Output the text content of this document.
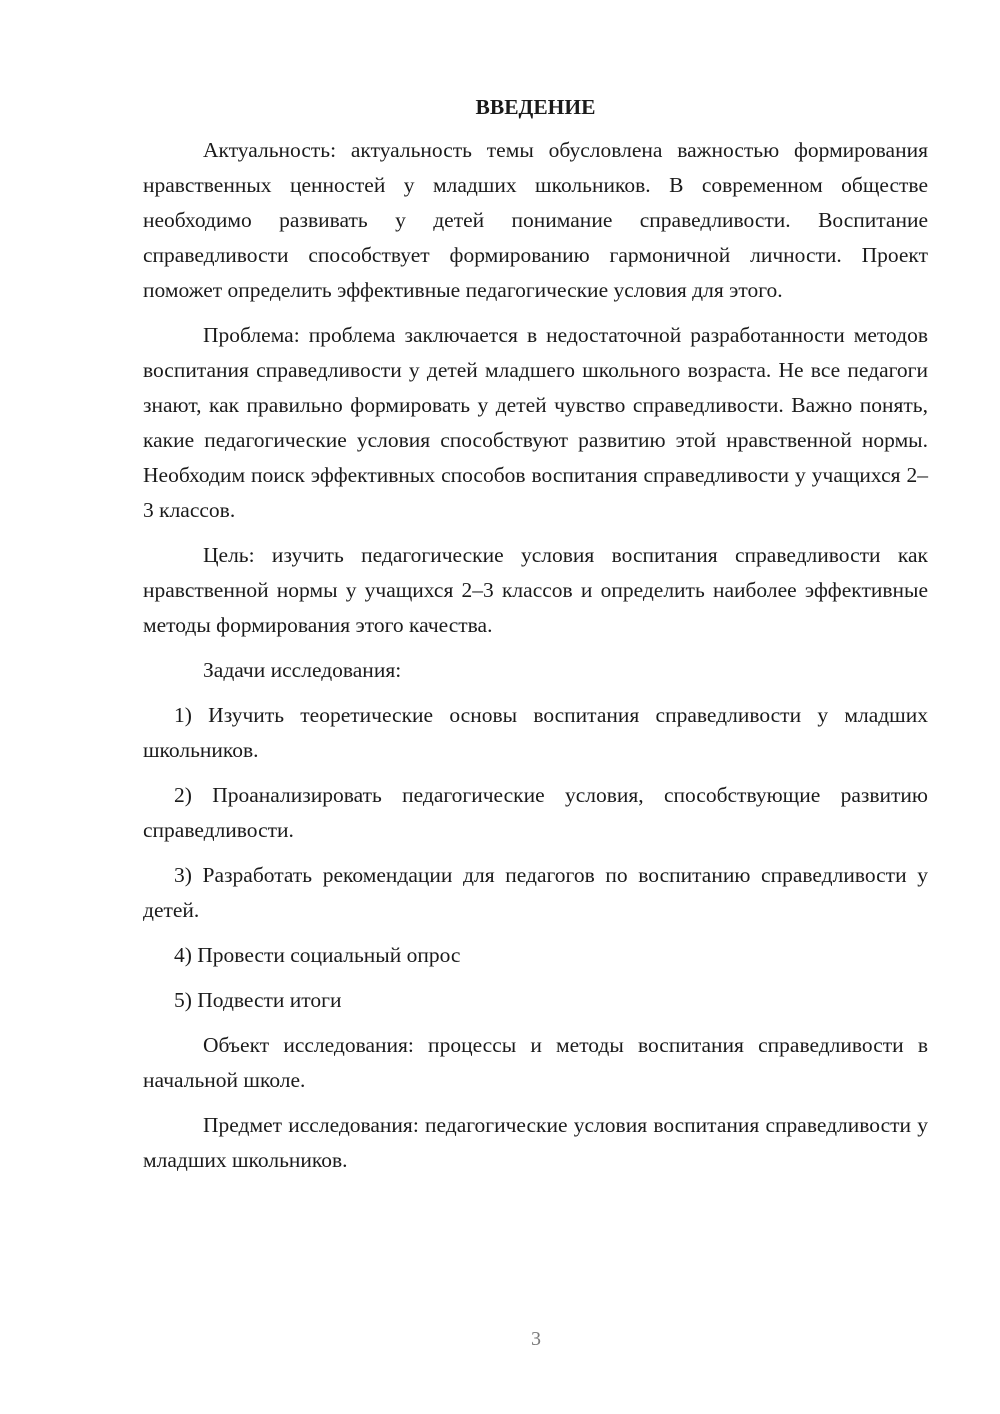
ВВЕДЕНИЕ

Актуальность: актуальность темы обусловлена важностью формирования нравственных ценностей у младших школьников. В современном обществе необходимо развивать у детей понимание справедливости. Воспитание справедливости способствует формированию гармоничной личности. Проект поможет определить эффективные педагогические условия для этого.

Проблема: проблема заключается в недостаточной разработанности методов воспитания справедливости у детей младшего школьного возраста. Не все педагоги знают, как правильно формировать у детей чувство справедливости. Важно понять, какие педагогические условия способствуют развитию этой нравственной нормы. Необходим поиск эффективных способов воспитания справедливости у учащихся 2–3 классов.

Цель: изучить педагогические условия воспитания справедливости как нравственной нормы у учащихся 2–3 классов и определить наиболее эффективные методы формирования этого качества.

Задачи исследования:

1) Изучить теоретические основы воспитания справедливости у младших школьников.

2) Проанализировать педагогические условия, способствующие развитию справедливости.

3) Разработать рекомендации для педагогов по воспитанию справедливости у детей.

4) Провести социальный опрос

5) Подвести итоги

Объект исследования: процессы и методы воспитания справедливости в начальной школе.

Предмет исследования: педагогические условия воспитания справедливости у младших школьников.

3
